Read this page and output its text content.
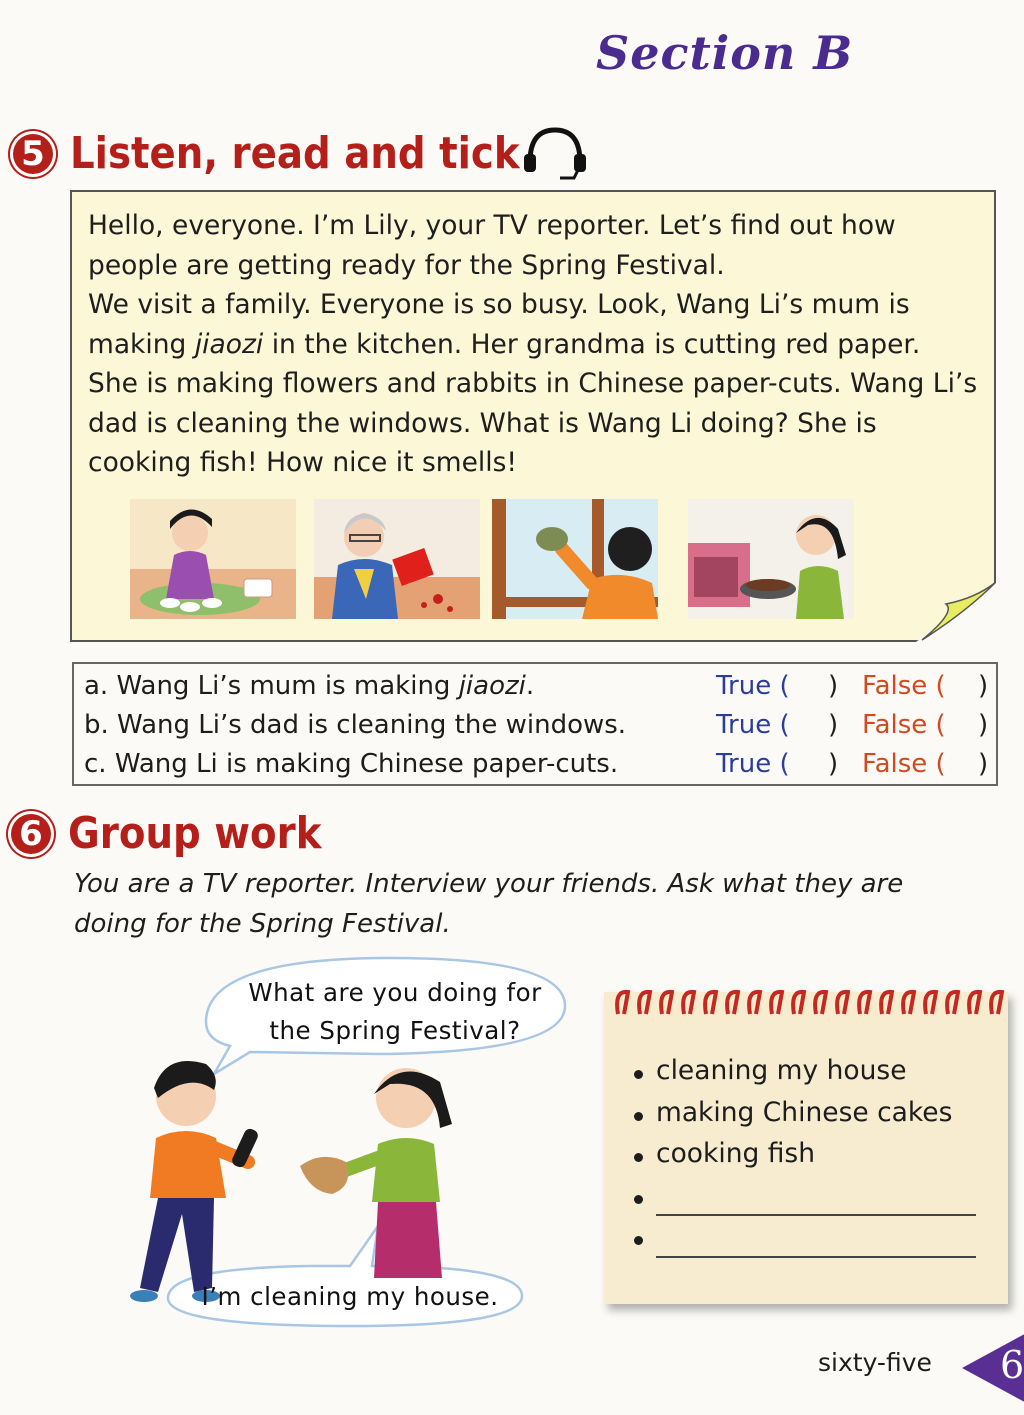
Section B
5 Listen, read and tick

Hello, everyone. I’m Lily, your TV reporter. Let’s find out how people are getting ready for the Spring Festival.

We visit a family. Everyone is so busy. Look, Wang Li’s mum is making jiaozi in the kitchen. Her grandma is cutting red paper. She is making flowers and rabbits in Chinese paper-cuts. Wang Li’s dad is cleaning the windows. What is Wang Li doing? She is cooking fish! How nice it smells!

a. Wang Li’s mum is making jiaozi.	True ( ) False ( )
b. Wang Li’s dad is cleaning the windows.	True ( ) False ( )
c. Wang Li is making Chinese paper-cuts.	True ( ) False ( )
6 Group work

You are a TV reporter. Interview your friends. Ask what they are

doing for the Spring Festival.

What are you doing for
the Spring Festival?
I’m cleaning my house.
cleaning my house
making Chinese cakes
cooking fish
sixty-five 6
